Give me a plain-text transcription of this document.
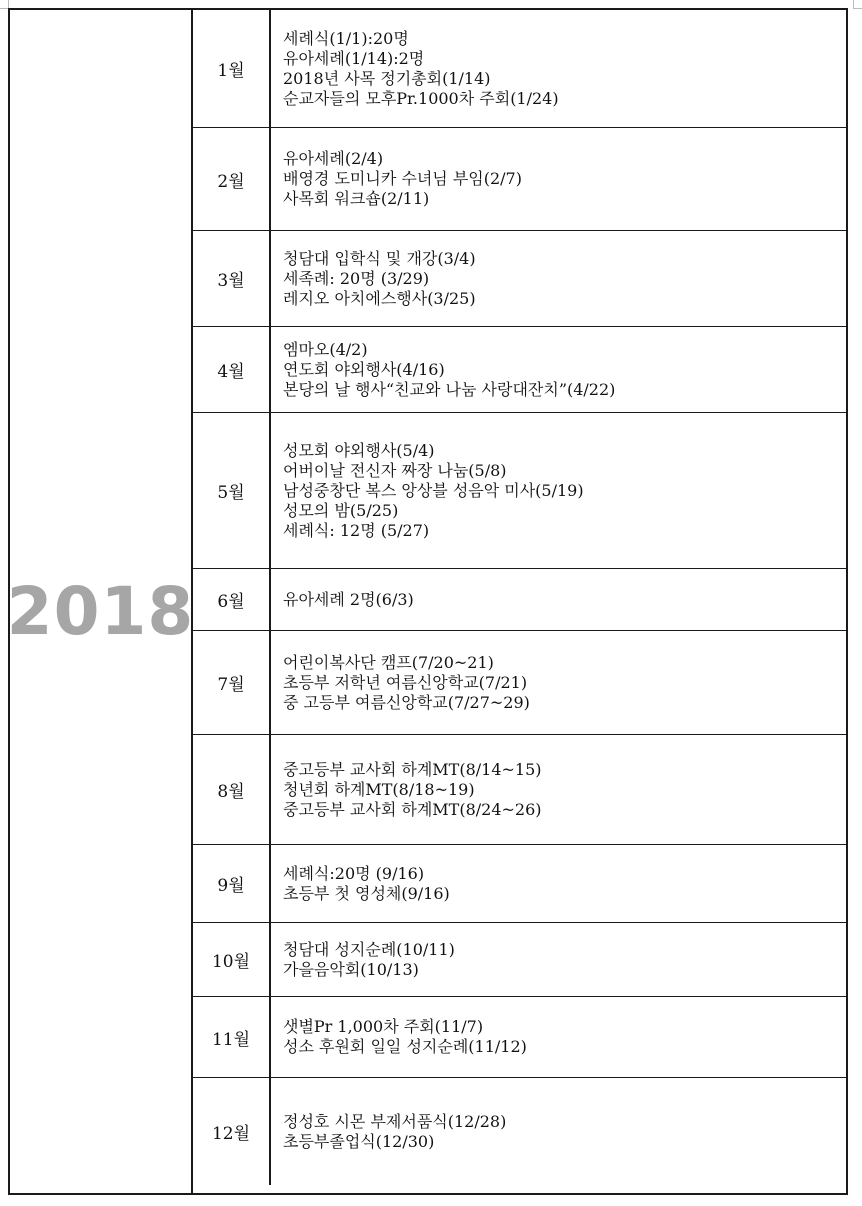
2018
1월
세례식(1/1):20명
유아세례(1/14):2명
2018년 사목 정기총회(1/14)
순교자들의 모후Pr.1000차 주회(1/24)
2월
유아세례(2/4)
배영경 도미니카 수녀님 부임(2/7)
사목회 워크숍(2/11)
3월
청담대 입학식 및 개강(3/4)
세족례: 20명 (3/29)
레지오 아치에스행사(3/25)
4월
엠마오(4/2)
연도회 야외행사(4/16)
본당의 날 행사“친교와 나눔 사랑대잔치”(4/22)
5월
성모회 야외행사(5/4)
어버이날 전신자 짜장 나눔(5/8)
남성중창단 복스 앙상블 성음악 미사(5/19)
성모의 밤(5/25)
세례식: 12명 (5/27)
6월	유아세례 2명(6/3)
7월
어린이복사단 캠프(7/20~21)
초등부 저학년 여름신앙학교(7/21)
중 고등부 여름신앙학교(7/27~29)
8월
중고등부 교사회 하계MT(8/14~15)
청년회 하계MT(8/18~19)
중고등부 교사회 하계MT(8/24~26)
9월
세례식:20명 (9/16)
초등부 첫 영성체(9/16)
10월
청담대 성지순례(10/11)
가을음악회(10/13)
11월
샛별Pr 1,000차 주회(11/7)
성소 후원회 일일 성지순례(11/12)
12월
정성호 시몬 부제서품식(12/28)
초등부졸업식(12/30)
